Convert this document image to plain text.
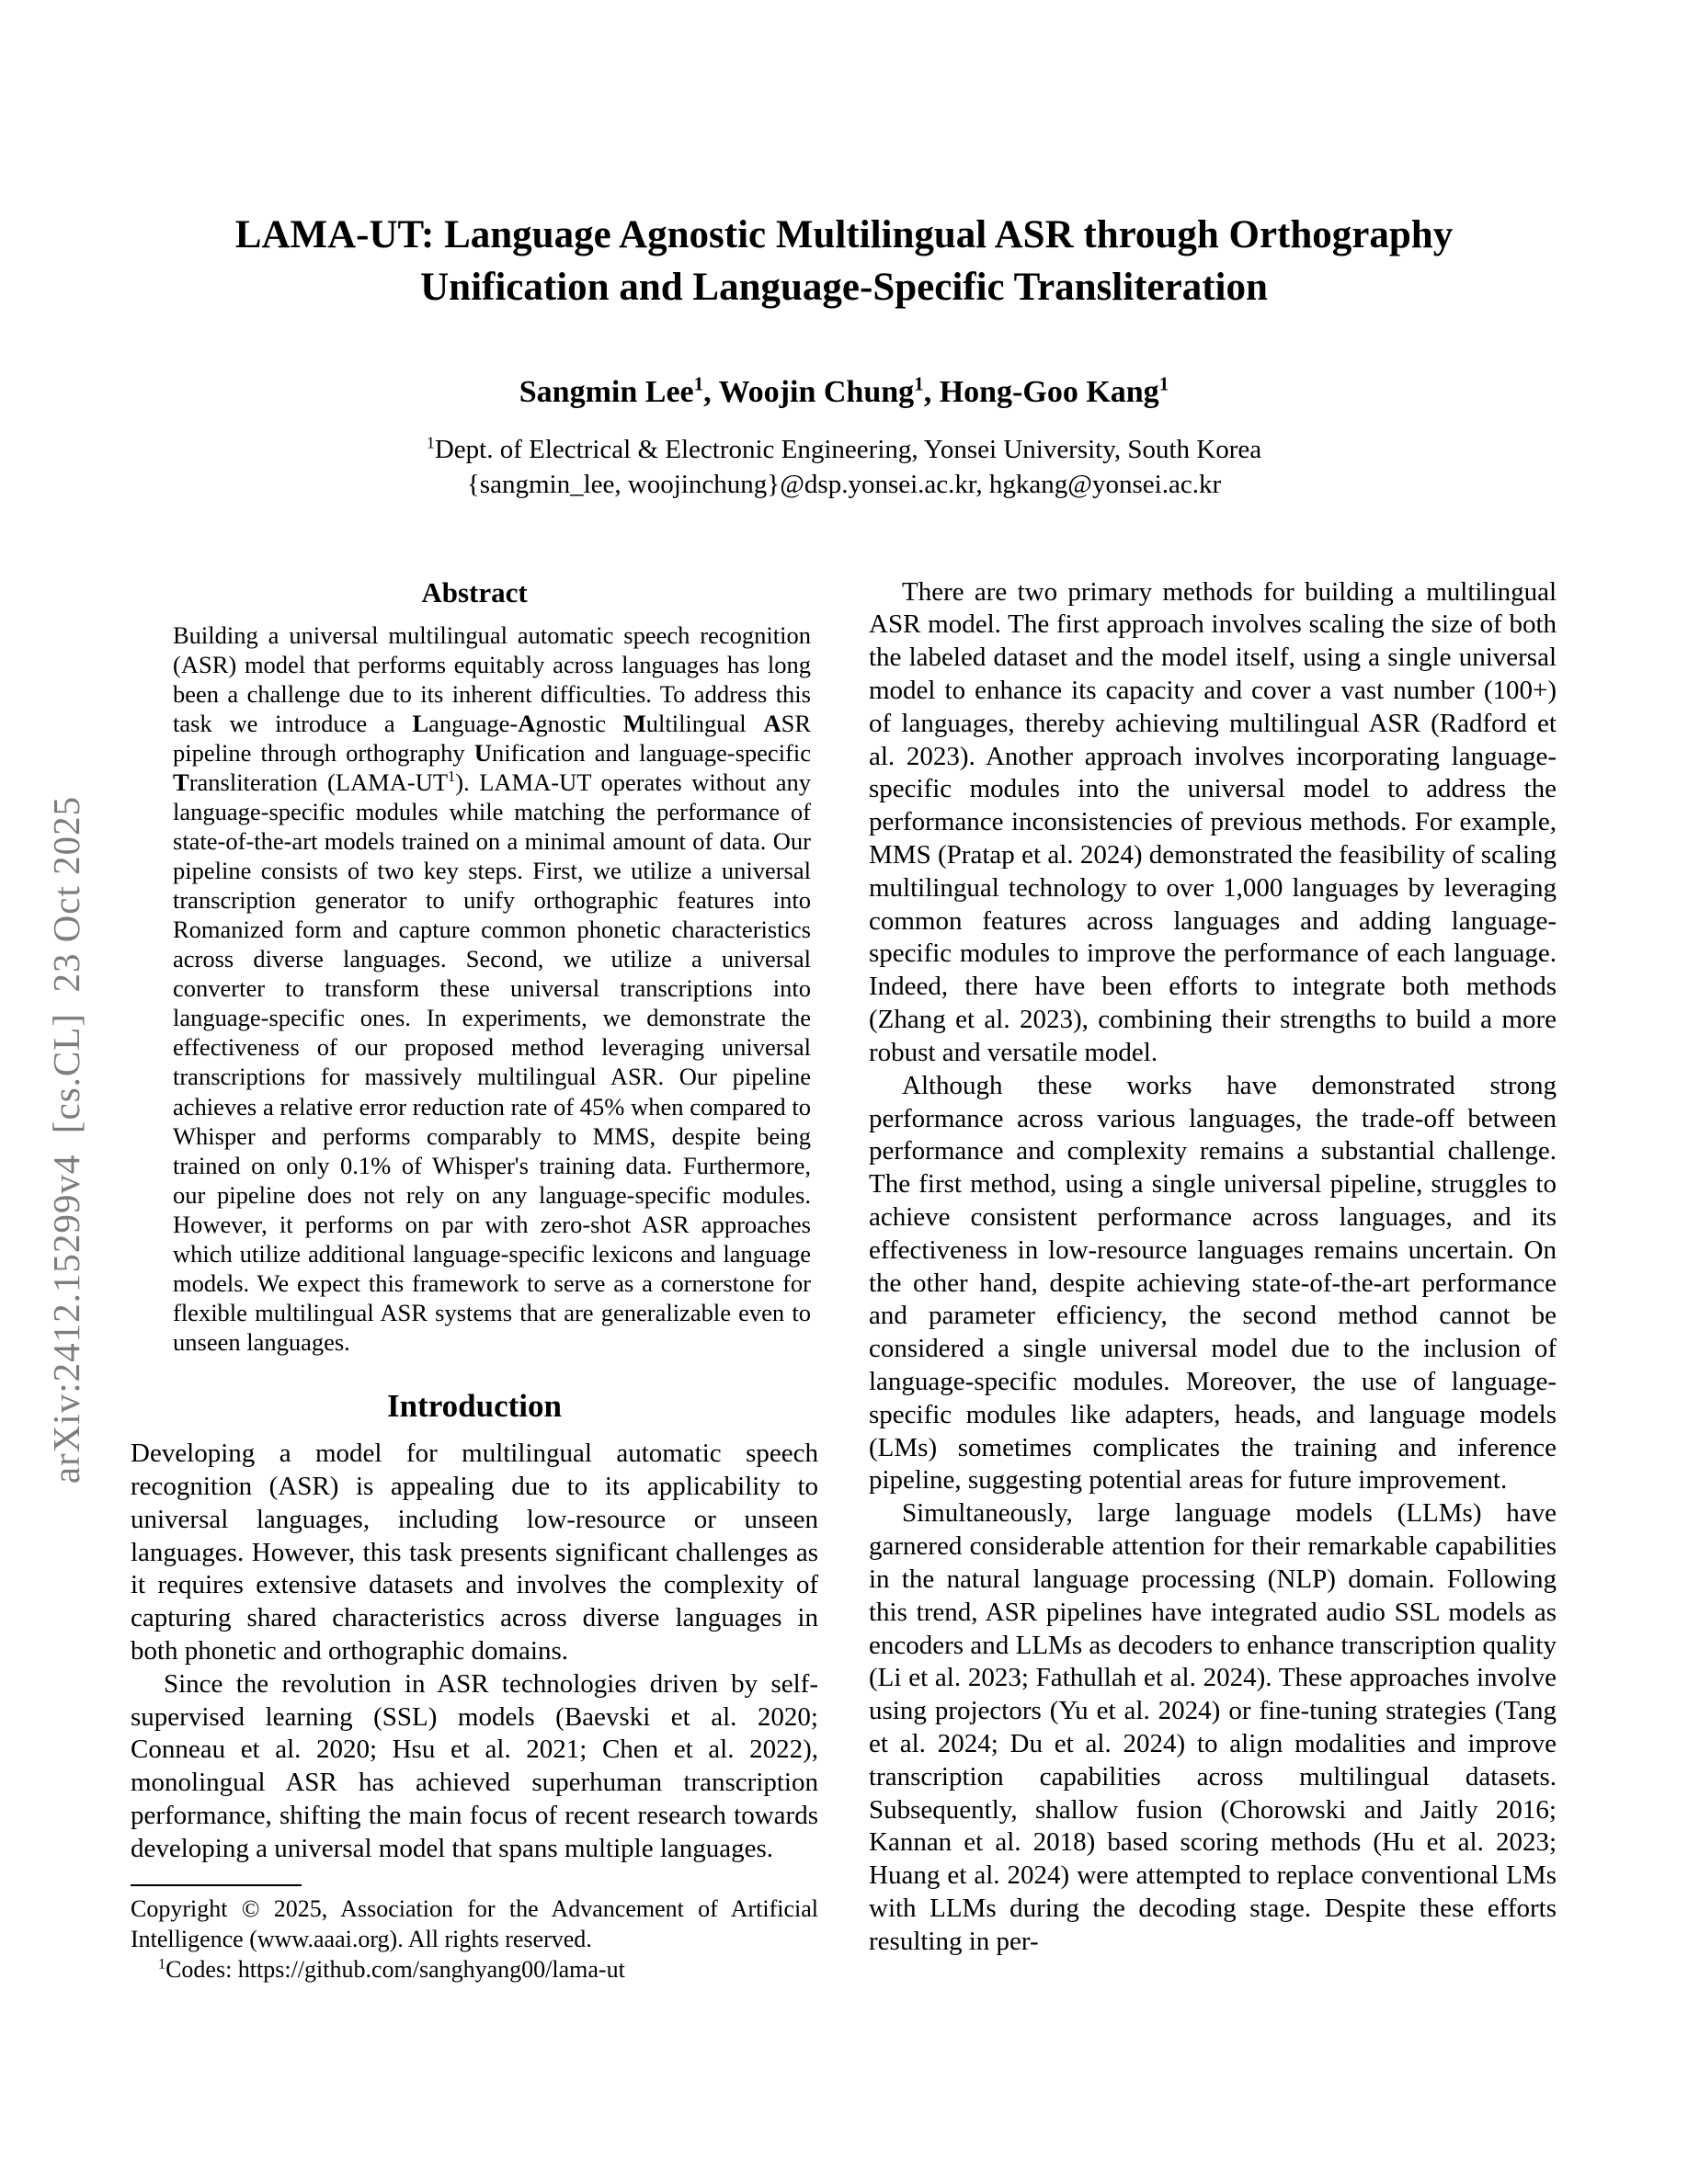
arXiv:2412.15299v4  [cs.CL]  23 Oct 2025
LAMA-UT: Language Agnostic Multilingual ASR through Orthography
Unification and Language-Specific Transliteration
Sangmin Lee$^1$, Woojin Chung$^1$, Hong-Goo Kang$^1$
$^1$Dept. of Electrical & Electronic Engineering, Yonsei University, South Korea
{sangmin_lee, woojinchung}@dsp.yonsei.ac.kr, hgkang@yonsei.ac.kr
Abstract

Building a universal multilingual automatic speech recognition (ASR) model that performs equitably across languages has long been a challenge due to its inherent difficulties. To address this task we introduce a Language-Agnostic Multilingual ASR pipeline through orthography Unification and language-specific Transliteration $(LAMA-UT^1)$. LAMA-UT operates without any language-specific modules while matching the performance of state-of-the-art models trained on a minimal amount of data. Our pipeline consists of two key steps. First, we utilize a universal transcription generator to unify orthographic features into Romanized form and capture common phonetic characteristics across diverse languages. Second, we utilize a universal converter to transform these universal transcriptions into language-specific ones. In experiments, we demonstrate the effectiveness of our proposed method leveraging universal transcriptions for massively multilingual ASR. Our pipeline achieves a relative error reduction rate of 45% when compared to Whisper and performs comparably to MMS, despite being trained on only 0.1% of Whisper's training data. Furthermore, our pipeline does not rely on any language-specific modules. However, it performs on par with zero-shot ASR approaches which utilize additional language-specific lexicons and language models. We expect this framework to serve as a cornerstone for flexible multilingual ASR systems that are generalizable even to unseen languages.

Introduction

Developing a model for multilingual automatic speech recognition (ASR) is appealing due to its applicability to universal languages, including low-resource or unseen languages. However, this task presents significant challenges as it requires extensive datasets and involves the complexity of capturing shared characteristics across diverse languages in both phonetic and orthographic domains.

Since the revolution in ASR technologies driven by self-supervised learning (SSL) models (Baevski et al. 2020; Conneau et al. 2020; Hsu et al. 2021; Chen et al. 2022), monolingual ASR has achieved superhuman transcription performance, shifting the main focus of recent research towards developing a universal model that spans multiple languages.

Copyright © 2025, Association for the Advancement of Artificial Intelligence (www.aaai.org). All rights reserved.

$^1$Codes: https://github.com/sanghyang00/lama-ut

There are two primary methods for building a multilingual ASR model. The first approach involves scaling the size of both the labeled dataset and the model itself, using a single universal model to enhance its capacity and cover a vast number (100+) of languages, thereby achieving multilingual ASR (Radford et al. 2023). Another approach involves incorporating language-specific modules into the universal model to address the performance inconsistencies of previous methods. For example, MMS (Pratap et al. 2024) demonstrated the feasibility of scaling multilingual technology to over 1,000 languages by leveraging common features across languages and adding language-specific modules to improve the performance of each language. Indeed, there have been efforts to integrate both methods (Zhang et al. 2023), combining their strengths to build a more robust and versatile model.

Although these works have demonstrated strong performance across various languages, the trade-off between performance and complexity remains a substantial challenge. The first method, using a single universal pipeline, struggles to achieve consistent performance across languages, and its effectiveness in low-resource languages remains uncertain. On the other hand, despite achieving state-of-the-art performance and parameter efficiency, the second method cannot be considered a single universal model due to the inclusion of language-specific modules. Moreover, the use of language-specific modules like adapters, heads, and language models (LMs) sometimes complicates the training and inference pipeline, suggesting potential areas for future improvement.

Simultaneously, large language models (LLMs) have garnered considerable attention for their remarkable capabilities in the natural language processing (NLP) domain. Following this trend, ASR pipelines have integrated audio SSL models as encoders and LLMs as decoders to enhance transcription quality (Li et al. 2023; Fathullah et al. 2024). These approaches involve using projectors (Yu et al. 2024) or fine-tuning strategies (Tang et al. 2024; Du et al. 2024) to align modalities and improve transcription capabilities across multilingual datasets. Subsequently, shallow fusion (Chorowski and Jaitly 2016; Kannan et al. 2018) based scoring methods (Hu et al. 2023; Huang et al. 2024) were attempted to replace conventional LMs with LLMs during the decoding stage. Despite these efforts resulting in per-
